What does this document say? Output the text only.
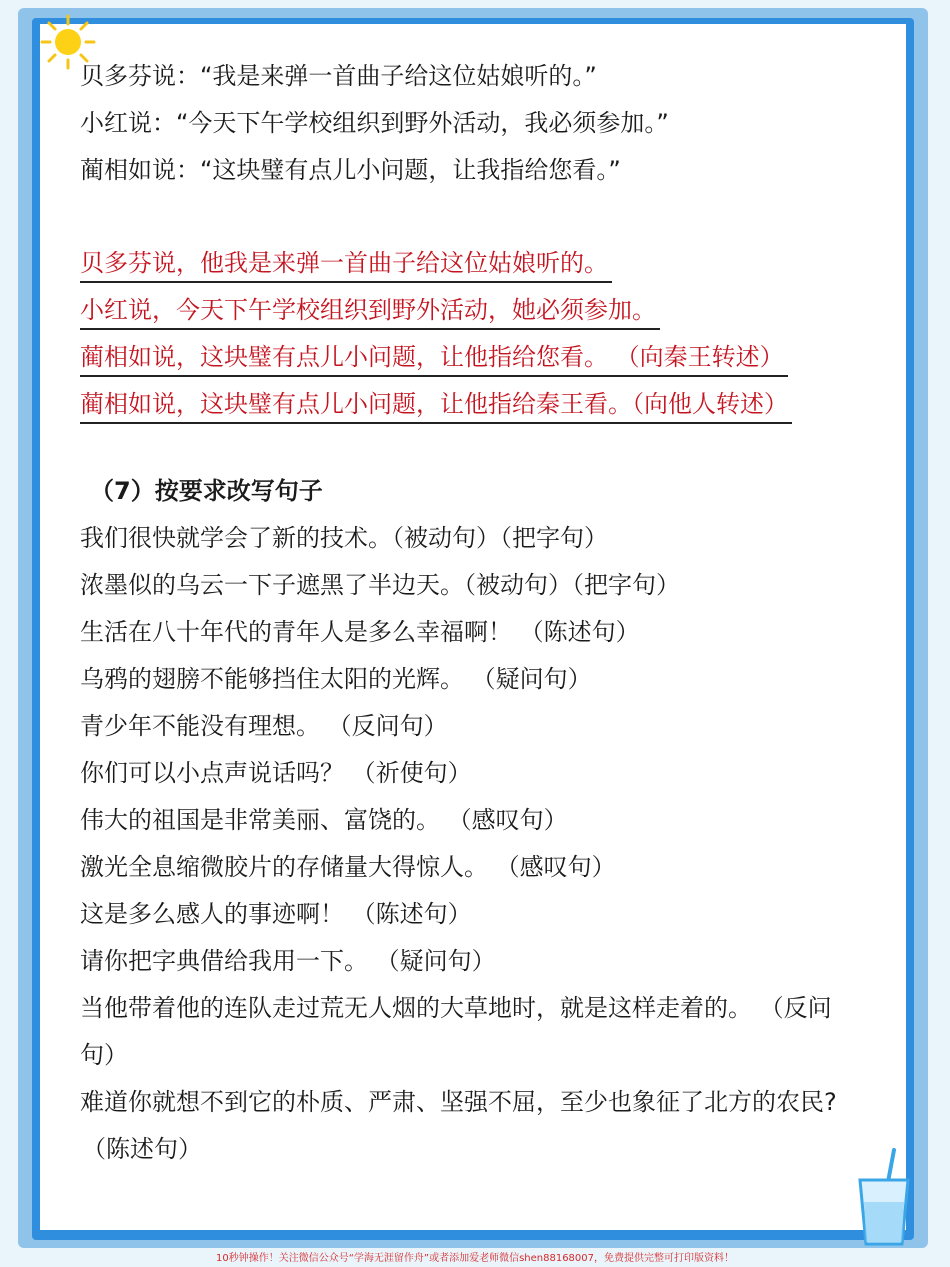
贝多芬说：“我是来弹一首曲子给这位姑娘听的。”
小红说：“今天下午学校组织到野外活动，我必须参加。”
蔺相如说：“这块璧有点儿小问题，让我指给您看。”
贝多芬说，他我是来弹一首曲子给这位姑娘听的。
小红说，今天下午学校组织到野外活动，她必须参加。
蔺相如说，这块璧有点儿小问题，让他指给您看。 （向秦王转述）
蔺相如说，这块璧有点儿小问题，让他指给秦王看。（向他人转述）
（7）按要求改写句子
我们很快就学会了新的技术。（被动句）（把字句）
浓墨似的乌云一下子遮黑了半边天。（被动句）（把字句）
生活在八十年代的青年人是多么幸福啊！ （陈述句）
乌鸦的翅膀不能够挡住太阳的光辉。 （疑问句）
青少年不能没有理想。 （反问句）
你们可以小点声说话吗？ （祈使句）
伟大的祖国是非常美丽、富饶的。 （感叹句）
激光全息缩微胶片的存储量大得惊人。 （感叹句）
这是多么感人的事迹啊！ （陈述句）
请你把字典借给我用一下。 （疑问句）
当他带着他的连队走过荒无人烟的大草地时，就是这样走着的。 （反问
句）
难道你就想不到它的朴质、严肃、坚强不屈，至少也象征了北方的农民?
（陈述句）
10秒钟操作！关注微信公众号“学海无涯留作舟”或者添加爱老师微信shen88168007，免费提供完整可打印版资料！
